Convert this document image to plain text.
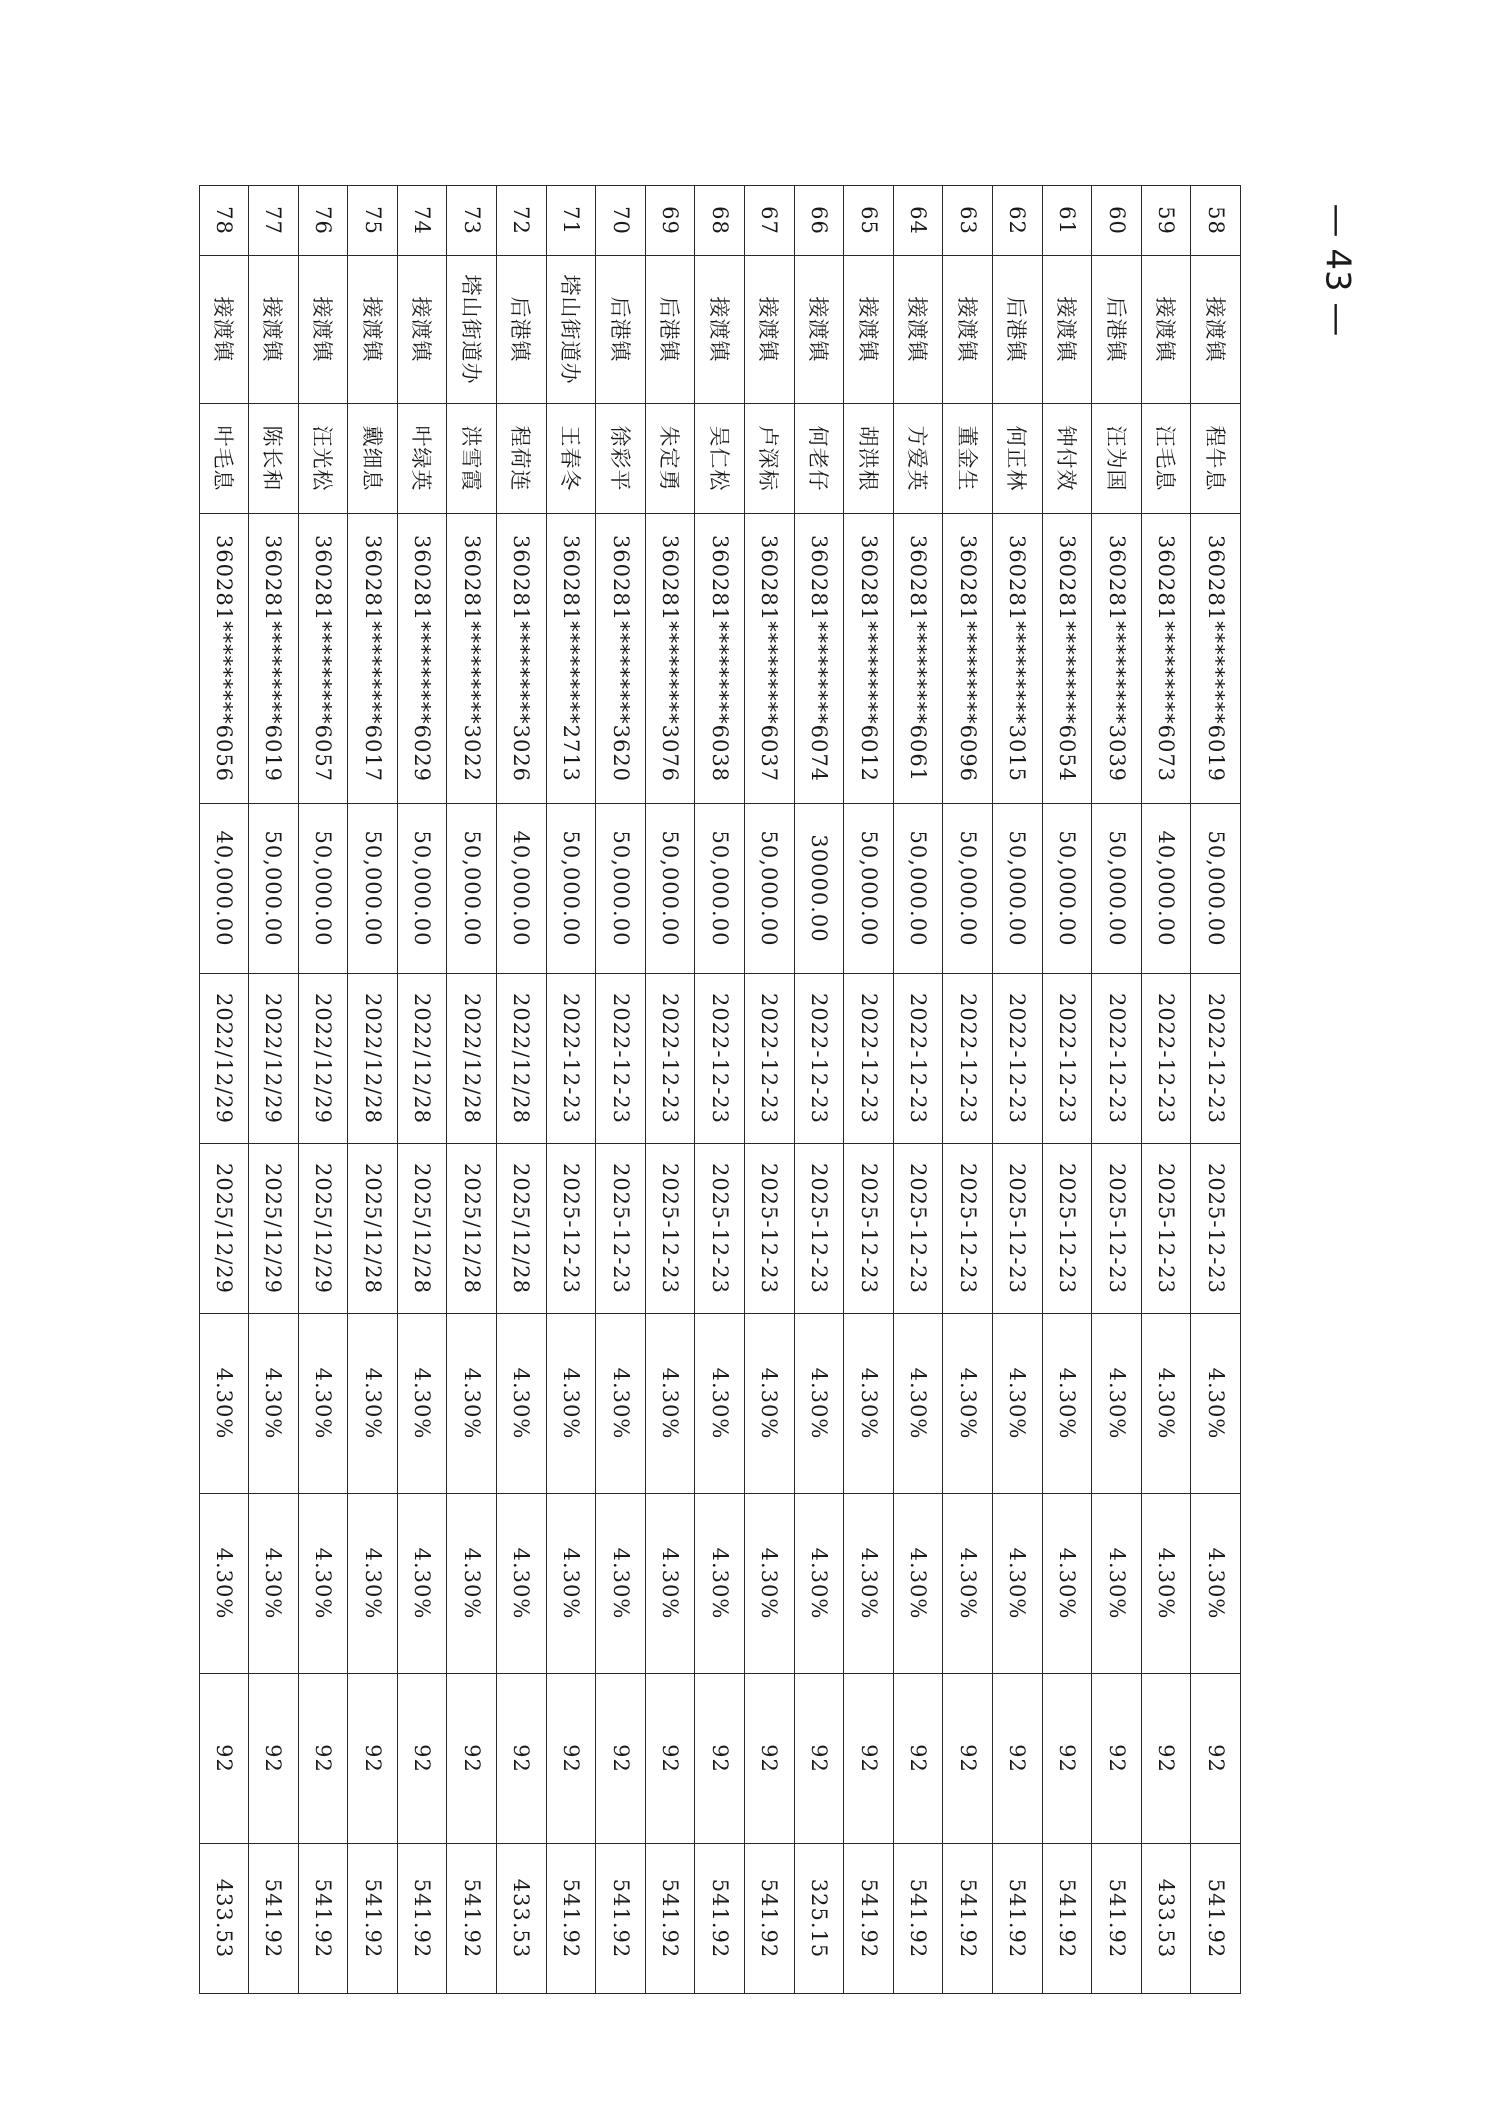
58	接渡镇	程牛息	360281*********6019	50,000.00	2022-12-23	2025-12-23	4.30%	4.30%	92	541.92
59	接渡镇	汪毛息	360281*********6073	40,000.00	2022-12-23	2025-12-23	4.30%	4.30%	92	433.53
60	后港镇	汪为国	360281*********3039	50,000.00	2022-12-23	2025-12-23	4.30%	4.30%	92	541.92
61	接渡镇	钟付效	360281*********6054	50,000.00	2022-12-23	2025-12-23	4.30%	4.30%	92	541.92
62	后港镇	何正林	360281*********3015	50,000.00	2022-12-23	2025-12-23	4.30%	4.30%	92	541.92
63	接渡镇	董金生	360281*********6096	50,000.00	2022-12-23	2025-12-23	4.30%	4.30%	92	541.92
64	接渡镇	方爱英	360281*********6061	50,000.00	2022-12-23	2025-12-23	4.30%	4.30%	92	541.92
65	接渡镇	胡洪根	360281*********6012	50,000.00	2022-12-23	2025-12-23	4.30%	4.30%	92	541.92
66	接渡镇	何老仔	360281*********6074	30000.00	2022-12-23	2025-12-23	4.30%	4.30%	92	325.15
67	接渡镇	卢深标	360281*********6037	50,000.00	2022-12-23	2025-12-23	4.30%	4.30%	92	541.92
68	接渡镇	吴仁松	360281*********6038	50,000.00	2022-12-23	2025-12-23	4.30%	4.30%	92	541.92
69	后港镇	朱定勇	360281*********3076	50,000.00	2022-12-23	2025-12-23	4.30%	4.30%	92	541.92
70	后港镇	徐彩平	360281*********3620	50,000.00	2022-12-23	2025-12-23	4.30%	4.30%	92	541.92
71	塔山街道办	王春冬	360281*********2713	50,000.00	2022-12-23	2025-12-23	4.30%	4.30%	92	541.92
72	后港镇	程荷连	360281*********3026	40,000.00	2022/12/28	2025/12/28	4.30%	4.30%	92	433.53
73	塔山街道办	洪雪霞	360281*********3022	50,000.00	2022/12/28	2025/12/28	4.30%	4.30%	92	541.92
74	接渡镇	叶绿英	360281*********6029	50,000.00	2022/12/28	2025/12/28	4.30%	4.30%	92	541.92
75	接渡镇	戴细息	360281*********6017	50,000.00	2022/12/28	2025/12/28	4.30%	4.30%	92	541.92
76	接渡镇	汪光松	360281*********6057	50,000.00	2022/12/29	2025/12/29	4.30%	4.30%	92	541.92
77	接渡镇	陈长和	360281*********6019	50,000.00	2022/12/29	2025/12/29	4.30%	4.30%	92	541.92
78	接渡镇	叶毛息	360281*********6056	40,000.00	2022/12/29	2025/12/29	4.30%	4.30%	92	433.53
— 43 —
